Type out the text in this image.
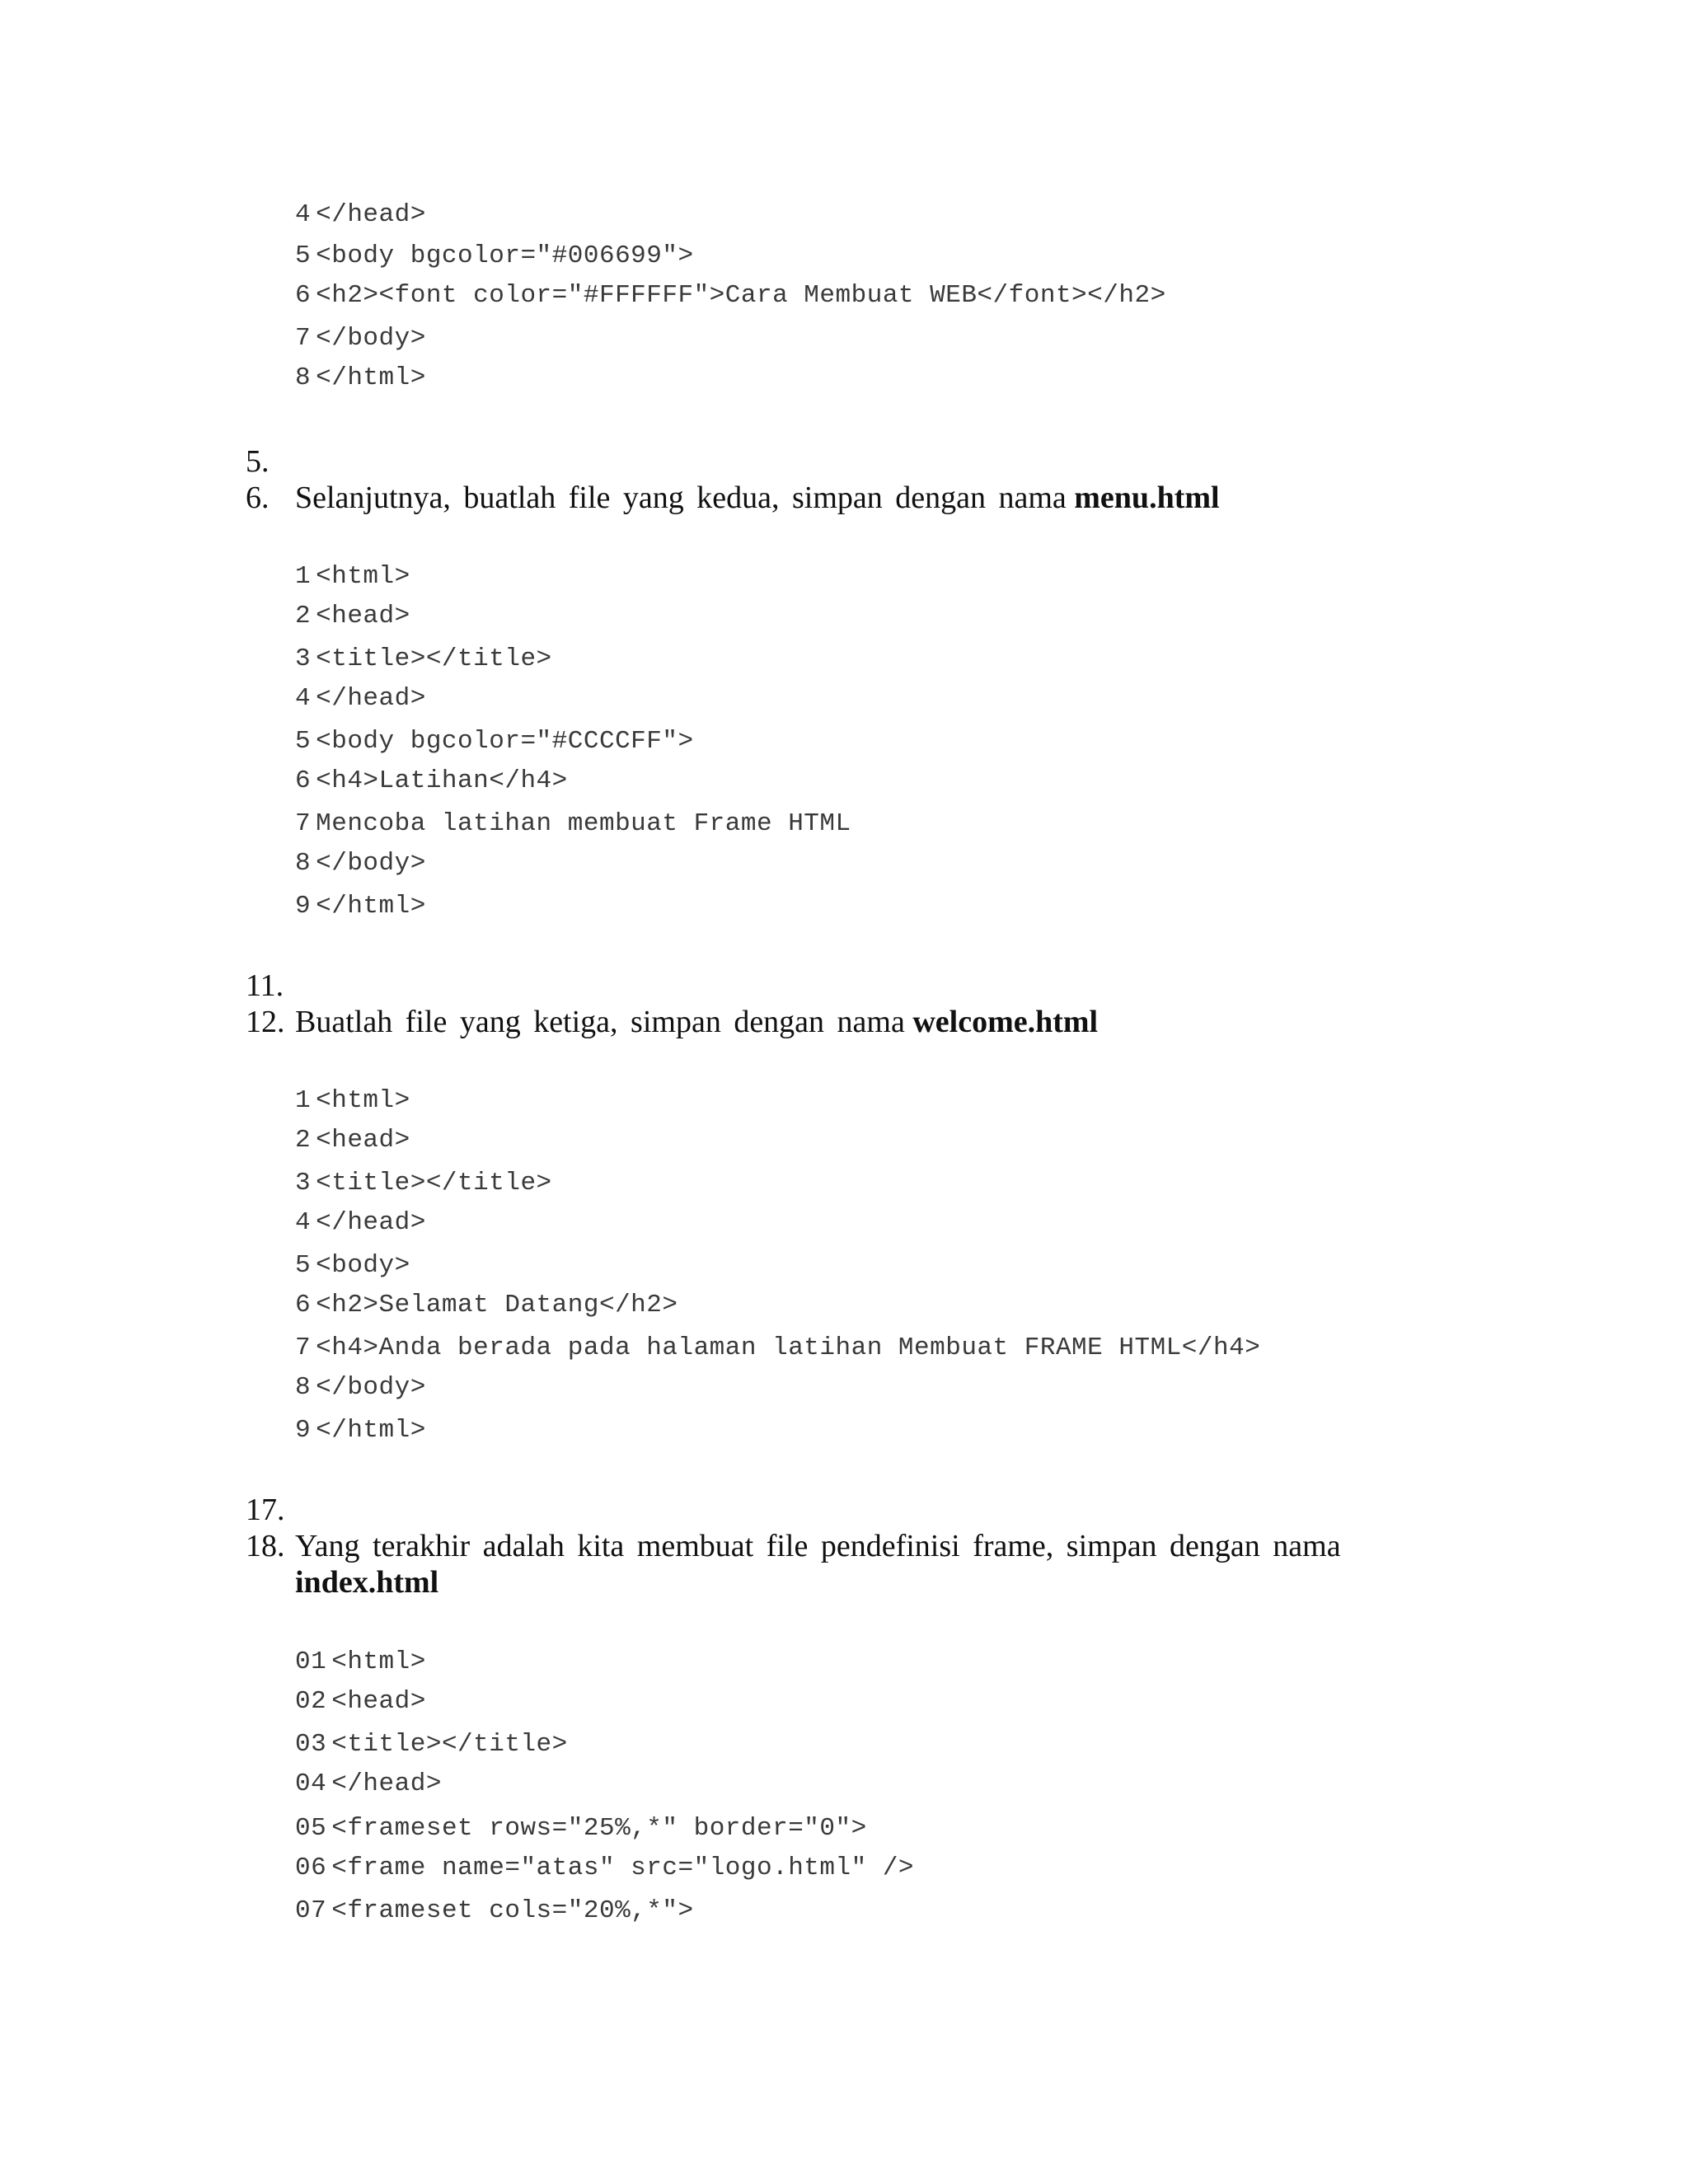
4 </head>
5 <body bgcolor="#006699">
6 <h2><font color="#FFFFFF">Cara Membuat WEB</font></h2>
7 </body>
8 </html>
5.
6. Selanjutnya, buatlah file yang kedua, simpan dengan nama menu.html
1 <html>
2 <head>
3 <title></title>
4 </head>
5 <body bgcolor="#CCCCFF">
6 <h4>Latihan</h4>
7 Mencoba latihan membuat Frame HTML
8 </body>
9 </html>
11.
12. Buatlah file yang ketiga, simpan dengan nama welcome.html
1 <html>
2 <head>
3 <title></title>
4 </head>
5 <body>
6 <h2>Selamat Datang</h2>
7 <h4>Anda berada pada halaman latihan Membuat FRAME HTML</h4>
8 </body>
9 </html>
17.
18. Yang terakhir adalah kita membuat file pendefinisi frame, simpan dengan nama
index.html
01 <html>
02 <head>
03 <title></title>
04 </head>
05 <frameset rows="25%,*" border="0">
06 <frame name="atas" src="logo.html" />
07 <frameset cols="20%,*">
